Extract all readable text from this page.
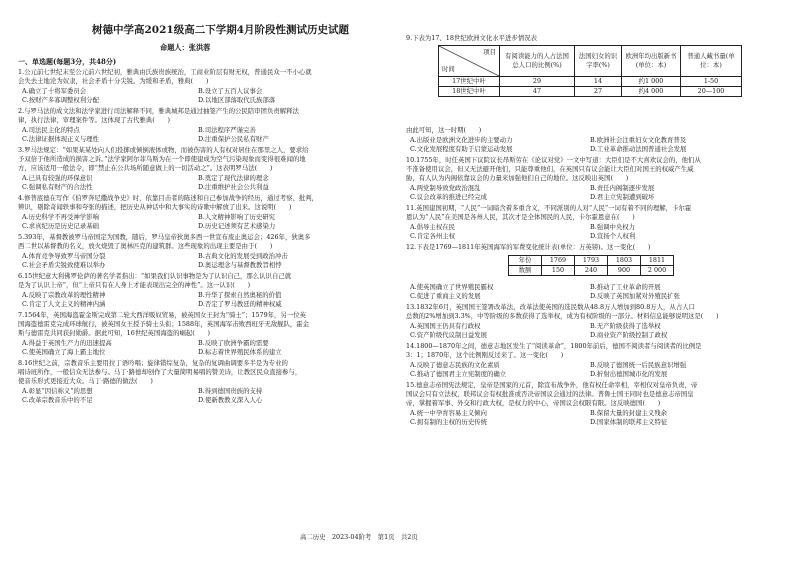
树德中学高2021级高二下学期4月阶段性测试历史试题
命题人：张洪蓉
一、单选题(每题3分，共48分)
1.公元前七世纪末至公元前六世纪初，雅典由氏族贵族统治，工商业阶层有财无权，普通民众一不小心就
会失去土地沦为奴隶，社会矛盾十分尖锐。为缓和矛盾，雅典(　　)
A.确立了十将军委员会	B.设立了五百人议事会
C.按财产多寡调整权利分配	D.以地区部落取代氏族部落
2.与罗马法的成文法和法学家进行司法解释不同，雅典城邦是通过抽签产生的公民陪审团负责解释法
律，执行法律、审理案件等。这体现了古代雅典(　　)
A.司法民主化的特点	B.司法程序严谨完善
C.法律证据体现正义与理性	D.注重保护公民私有财产
3.罗马法规定：“如果某某处向人们投掷或倾倒液体或物，而被伤害的人有权对居住在那里之人，要求给
予双倍于他所造成的损害之诉。”法学家阿尔菲乌斯为在一个即使建成为空气污染现象而变得很难闻的地
方，应该适用一般法令，即“禁止在公共场所随意做上的一切活动之”。这表明罗马法(　　)
A.已具有较强的环保意识	B.奠定了现代法律的理念
C.强调私有财产的合法性	D.注重维护社会公共利益
4.修普底德在写作《伯罗奔尼撒战争史》时，依靠目击者的陈述和自己参加战争的经历，通过考察、批判，
辨识，剔除奇闻轶事和夸张的描述，把历史从神话中和大事实的诗歌中解放了出来。这说明(　　)
A.历史科学不再受神学影响	B.人文精神影响了历史研究
C.求真纪历是历史记录基础	D.历史记述须有艺术感染力
5.393年，基督教被罗马帝国定为国教，随后，罗马皇帝狄奥多西一世宣布废止奥运会；426年，狄奥多
西二世以基督教的名义，放火烧毁了奥林匹克的建筑群。这些现象的出现主要是由于(　　)
A.体育竞争导致罗马帝国分裂	B.古典文化的发展受到政治冲击
C.社会矛盾尖锐致使难以举办	D.奥运理念与基督教教旨相悖
6.15世纪意大利佛罗伦萨的著名学者指出：“如果我们认识事物是为了认识自己，那么认识自己就
是为了认识上帝”，但“上帝只有在人身上才能表现出完全的神性”。这一认识(　　)
A.反映了宗教改革的理性精神	B.升华了探索自然奥秘的价值
C.肯定了人文主义的精神内涵	D.否定了罗马教廷的精神权威
7.1564年，英国海盗霍金斯完成第二轮大西洋贩奴贸易，被英国女王封为“骑士”；1579年，另一位英
国海盗德雷克完成环球航行，被英国女王授予骑士头衔；1588年，英国海军击败西班牙无敌舰队，霍金
斯与德雷克共同获封勋爵。据此可知，16世纪英国海盗的崛起(　　)
A.得益于英国生产力的迅速提高	B.反映了欧洲争霸的需要
C.使英国确立了海上霸主地位	D.标志着世界殖民体系的建立
8.16世纪之前，宗教音乐主要用拉丁语吟唱；旋律错综复杂，复杂的复调曲调要多半是为专业的
唱诗班所作，一般信众无法参与。马丁·路德却创作了大量简明易唱的赞美诗，让教区民众直接参与，
使音乐形式更接近大众。马丁·路德的做法(　　)
A.彰显“因信称义”的思想	B.得到德国贵族的支持
C.改革宗教音乐中的不足	D.使新教教义深入人心
9.下表为17、18世纪欧洲文化水平进步情况表
项目
时间	有阅读能力的人占法国总人口的比例(%)	法国妇女的识字率(%)	欧洲年均出版新书(单位：本)	普通人藏书量(单位：本)
17世纪中叶	29	14	约1 000	1-50
18世纪中叶	47	27	约4 000	20—100
由此可知，这一时期(　　)
A.出版业是欧洲文化进步的主要动力	B.欧洲社会注重妇女文化教育普及
C.文化发展程度有助于启蒙运动发展	D.工业革命推动法国普通社会发展
10.1755年，时任英国下议院议长昂斯劳在《论议对党》一文中写道：大臣们是不大喜欢议会的，他们从
不准备使用议会，但又无法避开他们，只能尊重他们，在英国只有议会能让大臣们对国王的权威产生威
胁，有人认为内阁依靠议会的力量来加强他们自己的地位。这反映出英国(　　)
A.两党制导致党政治混乱	B.责任内阁制逐步发展
C.议会改革的推进已经完成	D.君主立宪制遭到破坏
11.英国建国初期，“人民”一词暗含着多重含义，不同派别的人对“人民”一词有着不同的理解，卡尔霍
恩认为“人民”在美国是各州人民，其次才是全体国民的人民，卡尔霍恩意在(　　)
A.倡导主权在民	B.强调中央权力
C.肯定各州主权	D.宣扬个人权利
12.下表是1769—1811年英国海军的军费变化统计表(单位：万英镑)。这一变化(　　)
年份	1769	1793	1803	1811
数额	150	240	900	2 000
A.使英国确立了世界殖民霸权	B.推动了工业革命的开展
C.促进了重商主义的发展	D.反映了英国加紧对外殖民扩张
13.1832年6月，英国国王签署改革法，改革法使英国的选民数从48.8万人增加到80.8万人，从占人口
总数的2%增加到3.3%，中等阶级的多数获得了选举权，成为有权阶级的一部分。材料信息能够说明这是(　　)
A.英国国王仍具有行政权	B.无产阶级获得了选举权
C.资产阶级代议制日益发展	D.商业资产阶级控制了政权
14.1800—1870年之间，德意志地区发生了“阅读革命”，1800年前后，德国不阅读者与阅读者的比例是
3：1；1870年，这个比例刚反过来了。这一变化(　　)
A.反映了德意志民族的文化素质	B.反映了德国统一后民族意识增强
C.推动了德国君主立宪制度的确立	D.折射出德国城市化的发展
15.德意志帝国宪法规定，皇帝是国家的元首，除宣布战争外，他有权任命宰相，宰相仅对皇帝负责，帝
国议会只有立法权，联邦议会有权批准或否决帝国议会通过的法律。普鲁士国王同时也是德意志帝国皇
帝，掌握着军事、外交和行政大权，是权力的中心，帝国议会权限有限。这反映德国(　　)
A.统一中孕育容易主义倾向	B.保留大量的封建主义残余
C.拥有制的主权的历史传统	D.国家体制的联邦主义特征
高二历史　2023-04阶考　第1页　共2页
